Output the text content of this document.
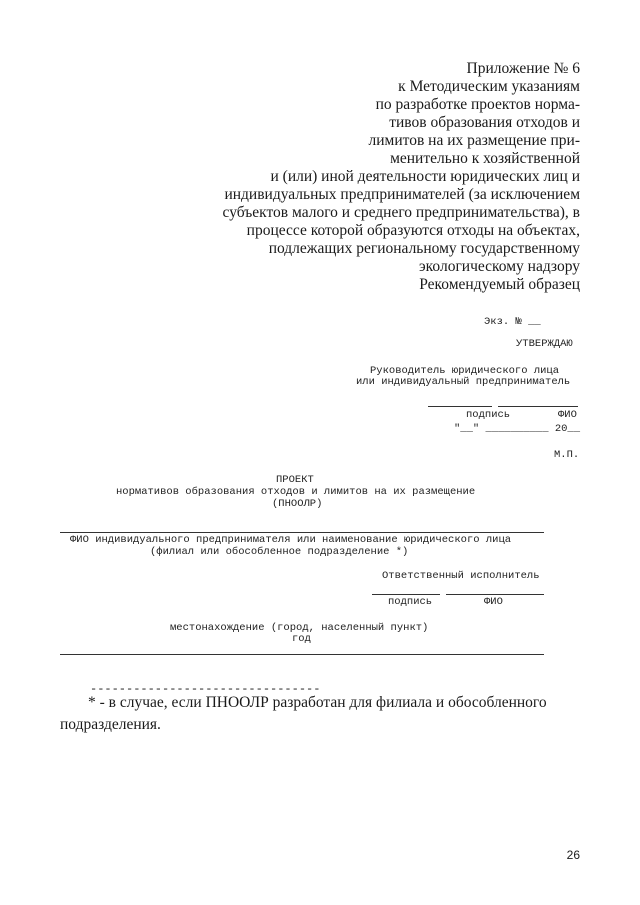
Приложение № 6
к Методическим указаниям
по разработке проектов норма-
тивов образования отходов и
лимитов на их размещение при-
менительно к хозяйственной
и (или) иной деятельности юридических лиц и
индивидуальных предпринимателей (за исключением
субъектов малого и среднего предпринимательства), в
процессе которой образуются отходы на объектах,
подлежащих региональному государственному
экологическому надзору
Рекомендуемый образец
Экз. № __
УТВЕРЖДАЮ
Руководитель юридического лица
или индивидуальный предприниматель
подпись	ФИО
"__" __________ 20__
М.П.
ПРОЕКТ
нормативов образования отходов и лимитов на их размещение
(ПНООЛР)
ФИО индивидуального предпринимателя или наименование юридического лица
(филиал или обособленное подразделение *)
Ответственный исполнитель
подпись	ФИО
местонахождение (город, населенный пункт)
год
--------------------------------
* - в случае, если ПНООЛР разработан для филиала и обособленного подразделения.
26
